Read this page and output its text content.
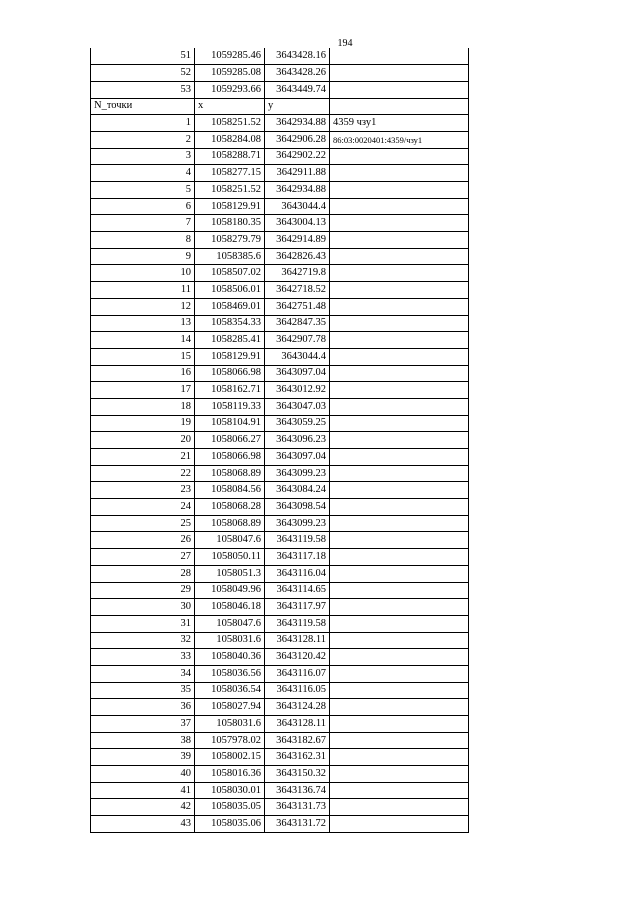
194
51	1059285.46	3643428.16	
52	1059285.08	3643428.26	
53	1059293.66	3643449.74	
N_точки	x	y	
1	1058251.52	3642934.88	4359 чзу1
2	1058284.08	3642906.28	86:03:0020401:4359/чзу1
3	1058288.71	3642902.22	
4	1058277.15	3642911.88	
5	1058251.52	3642934.88	
6	1058129.91	3643044.4	
7	1058180.35	3643004.13	
8	1058279.79	3642914.89	
9	1058385.6	3642826.43	
10	1058507.02	3642719.8	
11	1058506.01	3642718.52	
12	1058469.01	3642751.48	
13	1058354.33	3642847.35	
14	1058285.41	3642907.78	
15	1058129.91	3643044.4	
16	1058066.98	3643097.04	
17	1058162.71	3643012.92	
18	1058119.33	3643047.03	
19	1058104.91	3643059.25	
20	1058066.27	3643096.23	
21	1058066.98	3643097.04	
22	1058068.89	3643099.23	
23	1058084.56	3643084.24	
24	1058068.28	3643098.54	
25	1058068.89	3643099.23	
26	1058047.6	3643119.58	
27	1058050.11	3643117.18	
28	1058051.3	3643116.04	
29	1058049.96	3643114.65	
30	1058046.18	3643117.97	
31	1058047.6	3643119.58	
32	1058031.6	3643128.11	
33	1058040.36	3643120.42	
34	1058036.56	3643116.07	
35	1058036.54	3643116.05	
36	1058027.94	3643124.28	
37	1058031.6	3643128.11	
38	1057978.02	3643182.67	
39	1058002.15	3643162.31	
40	1058016.36	3643150.32	
41	1058030.01	3643136.74	
42	1058035.05	3643131.73	
43	1058035.06	3643131.72	
